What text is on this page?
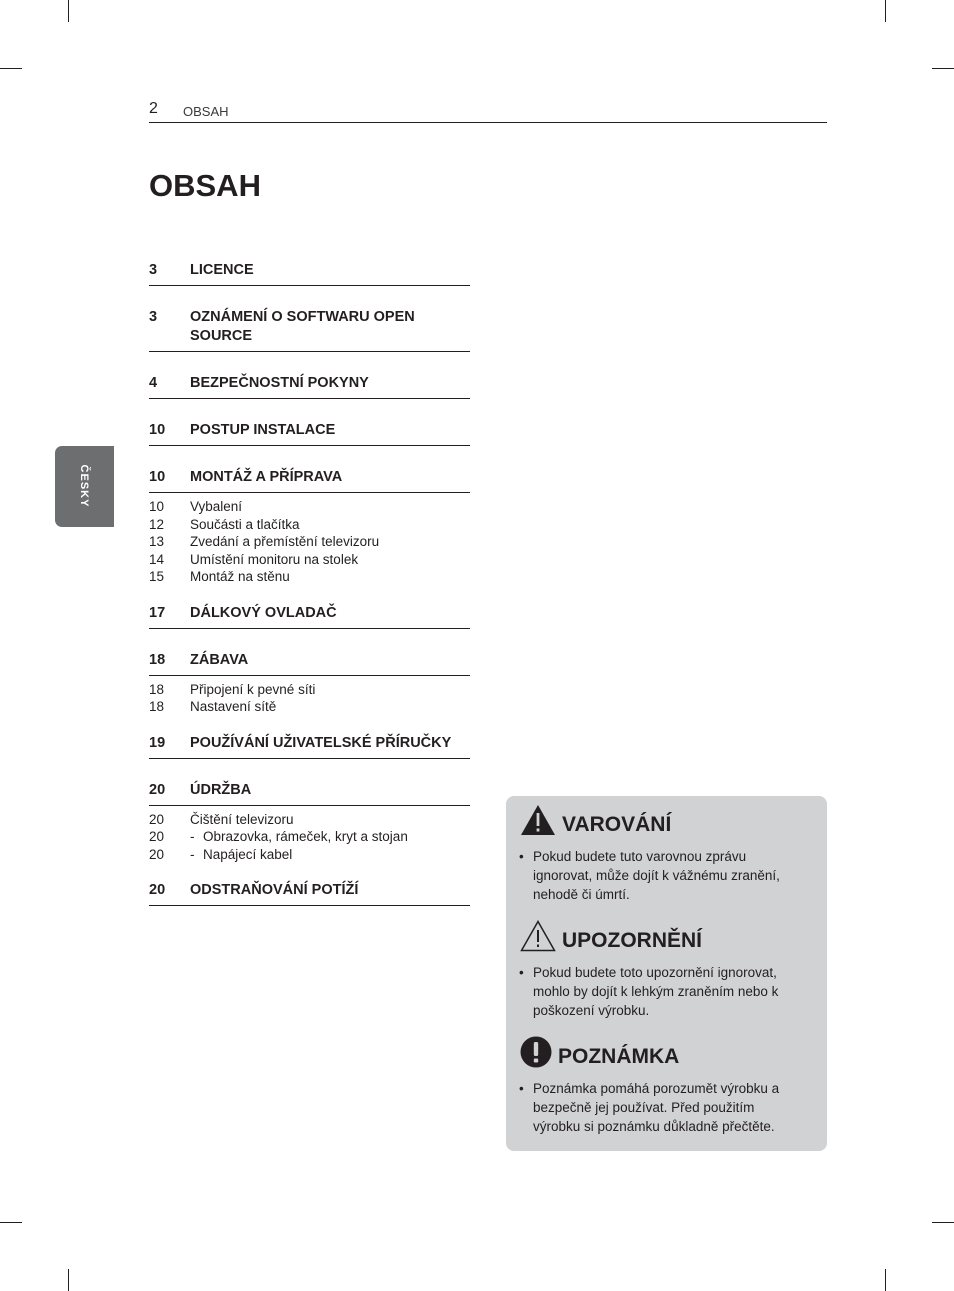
2 OBSAH
OBSAH
ČESKY
3	LICENCE
3	OZNÁMENÍ O SOFTWARU OPEN SOURCE
4	BEZPEČNOSTNÍ POKYNY
10	POSTUP INSTALACE
10	MONTÁŽ A PŘÍPRAVA
10	Vybalení
12	Součásti a tlačítka
13	Zvedání a přemístění televizoru
14	Umístění monitoru na stolek
15	Montáž na stěnu
17	DÁLKOVÝ OVLADAČ
18	ZÁBAVA
18	Připojení k pevné síti
18	Nastavení sítě
19	POUŽÍVÁNÍ UŽIVATELSKÉ PŘÍRUČKY
20	ÚDRŽBA
20	Čištění televizoru
20	- Obrazovka, rámeček, kryt a stojan
20	- Napájecí kabel
20	ODSTRAŇOVÁNÍ POTÍŽÍ
VAROVÁNÍ
• Pokud budete tuto varovnou zprávu ignorovat, může dojít k vážnému zranění, nehodě či úmrtí.
UPOZORNĚNÍ
• Pokud budete toto upozornění ignorovat, mohlo by dojít k lehkým zraněním nebo k poškození výrobku.
POZNÁMKA
• Poznámka pomáhá porozumět výrobku a bezpečně jej používat. Před použitím výrobku si poznámku důkladně přečtěte.
